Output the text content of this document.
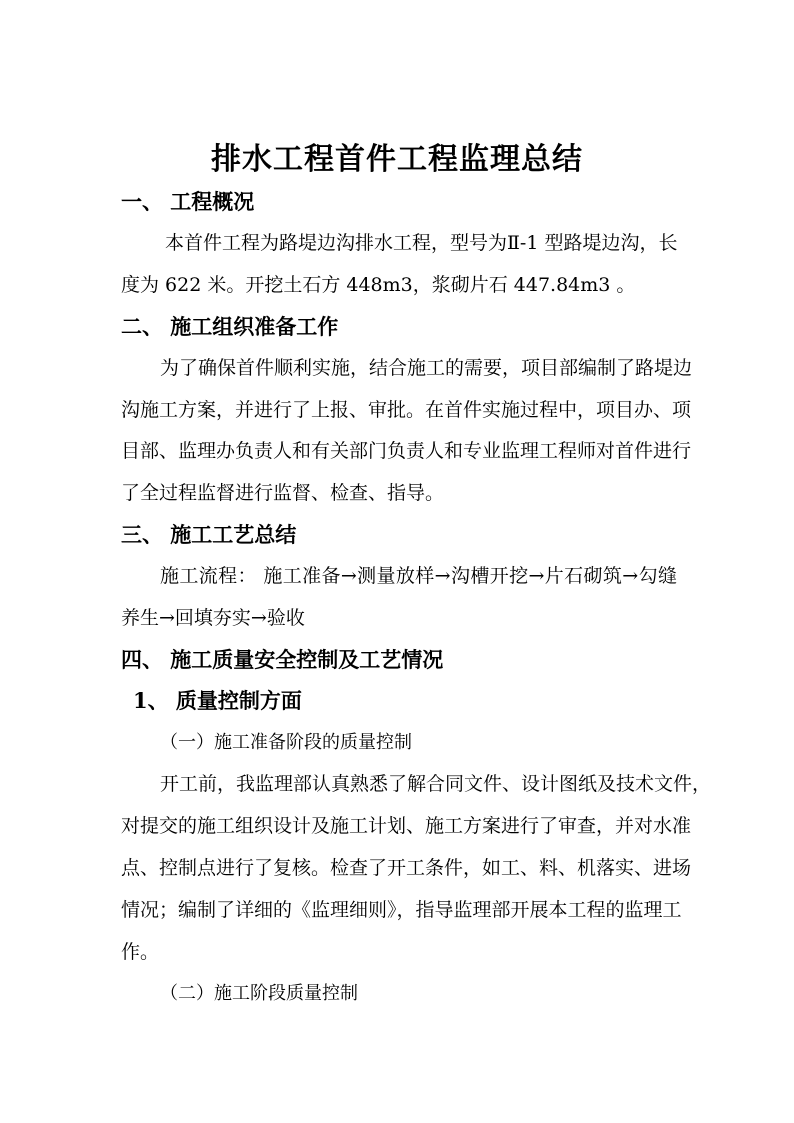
排水工程首件工程监理总结
一、 工程概况
本首件工程为路堤边沟排水工程，型号为Ⅱ-1 型路堤边沟，长
度为 622 米。开挖土石方 448m3，浆砌片石 447.84m3 。
二、 施工组织准备工作
为了确保首件顺利实施，结合施工的需要，项目部编制了路堤边
沟施工方案，并进行了上报、审批。在首件实施过程中，项目办、项
目部、监理办负责人和有关部门负责人和专业监理工程师对首件进行
了全过程监督进行监督、检查、指导。
三、 施工工艺总结
施工流程： 施工准备→测量放样→沟槽开挖→片石砌筑→勾缝
养生→回填夯实→验收
四、 施工质量安全控制及工艺情况
1、 质量控制方面
（一）施工准备阶段的质量控制
开工前，我监理部认真熟悉了解合同文件、设计图纸及技术文件，
对提交的施工组织设计及施工计划、施工方案进行了审查，并对水准
点、控制点进行了复核。检查了开工条件，如工、料、机落实、进场
情况；编制了详细的《监理细则》，指导监理部开展本工程的监理工
作。
（二）施工阶段质量控制
